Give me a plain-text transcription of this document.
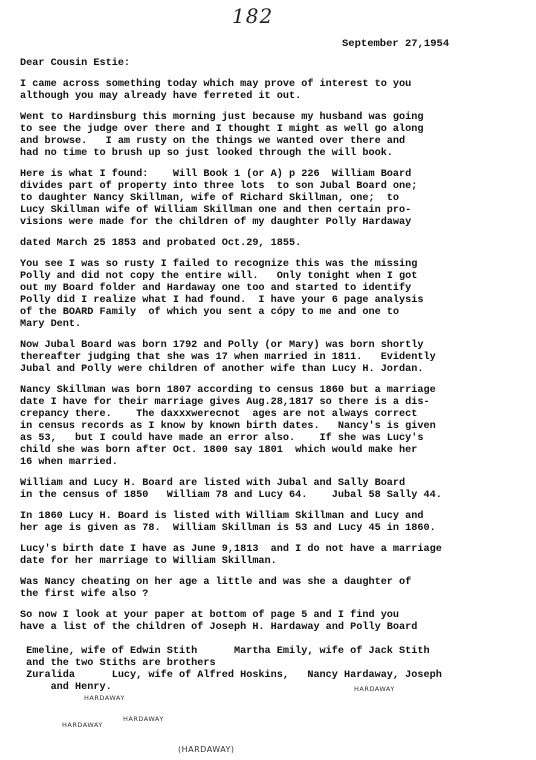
182
September 27,1954
Dear Cousin Estie:
I came across something today which may prove of interest to you
although you may already have ferreted it out.
Went to Hardinsburg this morning just because my husband was going
to see the judge over there and I thought I might as well go along
and browse.   I am rusty on the things we wanted over there and
had no time to brush up so just looked through the will book.
Here is what I found:    Will Book 1 (or A) p 226  William Board
divides part of property into three lots  to son Jubal Board one;
to daughter Nancy Skillman, wife of Richard Skillman, one;  to
Lucy Skillman wife of William Skillman one and then certain pro-
visions were made for the children of my daughter Polly Hardaway
dated March 25 1853 and probated Oct.29, 1855.
You see I was so rusty I failed to recognize this was the missing
Polly and did not copy the entire will.   Only tonight when I got
out my Board folder and Hardaway one too and started to identify
Polly did I realize what I had found.  I have your 6 page analysis
of the BOARD Family  of which you sent a cópy to me and one to
Mary Dent.
Now Jubal Board was born 1792 and Polly (or Mary) was born shortly
thereafter judging that she was 17 when married in 1811.   Evidently
Jubal and Polly were children of another wife than Lucy H. Jordan.
Nancy Skillman was born 1807 according to census 1860 but a marriage
date I have for their marriage gives Aug.28,1817 so there is a dis-
crepancy there.    The daxxxwerecnot  ages are not always correct
in census records as I know by known birth dates.   Nancy's is given
as 53,   but I could have made an error also.    If she was Lucy's
child she was born after Oct. 1800 say 1801  which would make her
16 when married.
William and Lucy H. Board are listed with Jubal and Sally Board
in the census of 1850   William 78 and Lucy 64.    Jubal 58 Sally 44.
In 1860 Lucy H. Board is listed with William Skillman and Lucy and
her age is given as 78.  William Skillman is 53 and Lucy 45 in 1860.
Lucy's birth date I have as June 9,1813  and I do not have a marriage
date for her marriage to William Skillman.
Was Nancy cheating on her age a little and was she a daughter of
the first wife also ?
So now I look at your paper at bottom of page 5 and I find you
have a list of the children of Joseph H. Hardaway and Polly Board

Emeline, wife of Edwin Stith      Martha Emily, wife of Jack Stith
and the two Stiths are brothers
Zuralida      Lucy, wife of Alfred Hoskins,   Nancy Hardaway, Joseph
and Henry.
HARDAWAY
HARDAWAY
HARDAWAY
HARDAWAY
(HARDAWAY)
